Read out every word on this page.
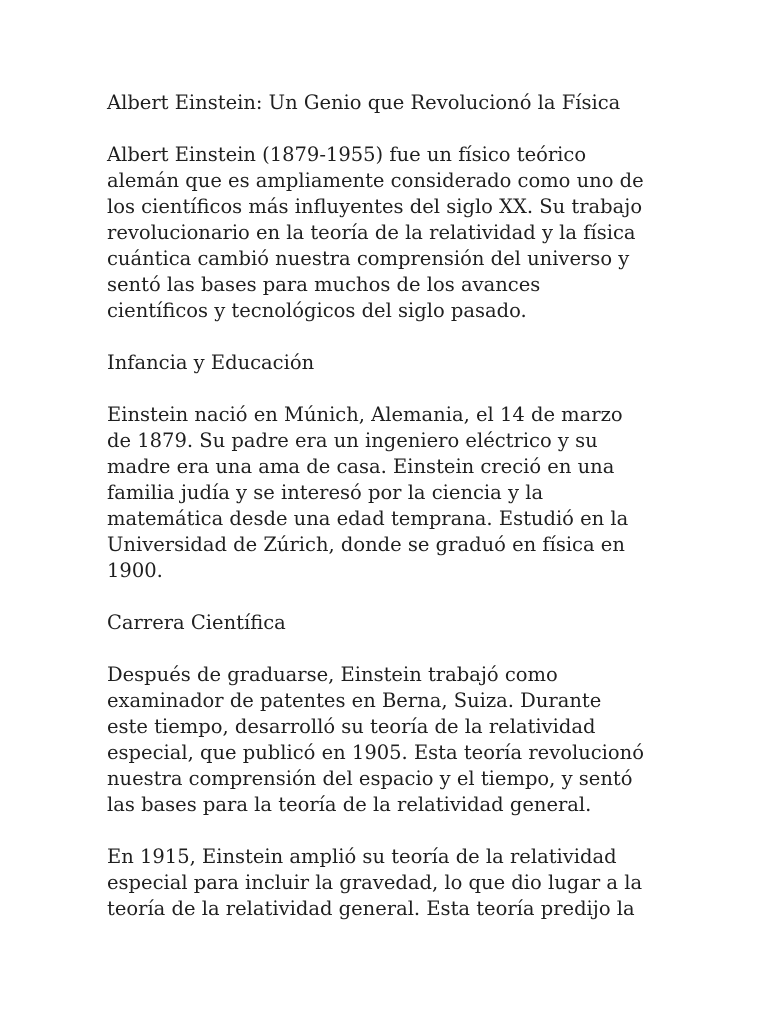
Albert Einstein: Un Genio que Revolucionó la Física
Albert Einstein (1879-1955) fue un físico teórico
alemán que es ampliamente considerado como uno de
los científicos más influyentes del siglo XX. Su trabajo
revolucionario en la teoría de la relatividad y la física
cuántica cambió nuestra comprensión del universo y
sentó las bases para muchos de los avances
científicos y tecnológicos del siglo pasado.
Infancia y Educación
Einstein nació en Múnich, Alemania, el 14 de marzo
de 1879. Su padre era un ingeniero eléctrico y su
madre era una ama de casa. Einstein creció en una
familia judía y se interesó por la ciencia y la
matemática desde una edad temprana. Estudió en la
Universidad de Zúrich, donde se graduó en física en
1900.
Carrera Científica
Después de graduarse, Einstein trabajó como
examinador de patentes en Berna, Suiza. Durante
este tiempo, desarrolló su teoría de la relatividad
especial, que publicó en 1905. Esta teoría revolucionó
nuestra comprensión del espacio y el tiempo, y sentó
las bases para la teoría de la relatividad general.
En 1915, Einstein amplió su teoría de la relatividad
especial para incluir la gravedad, lo que dio lugar a la
teoría de la relatividad general. Esta teoría predijo la
